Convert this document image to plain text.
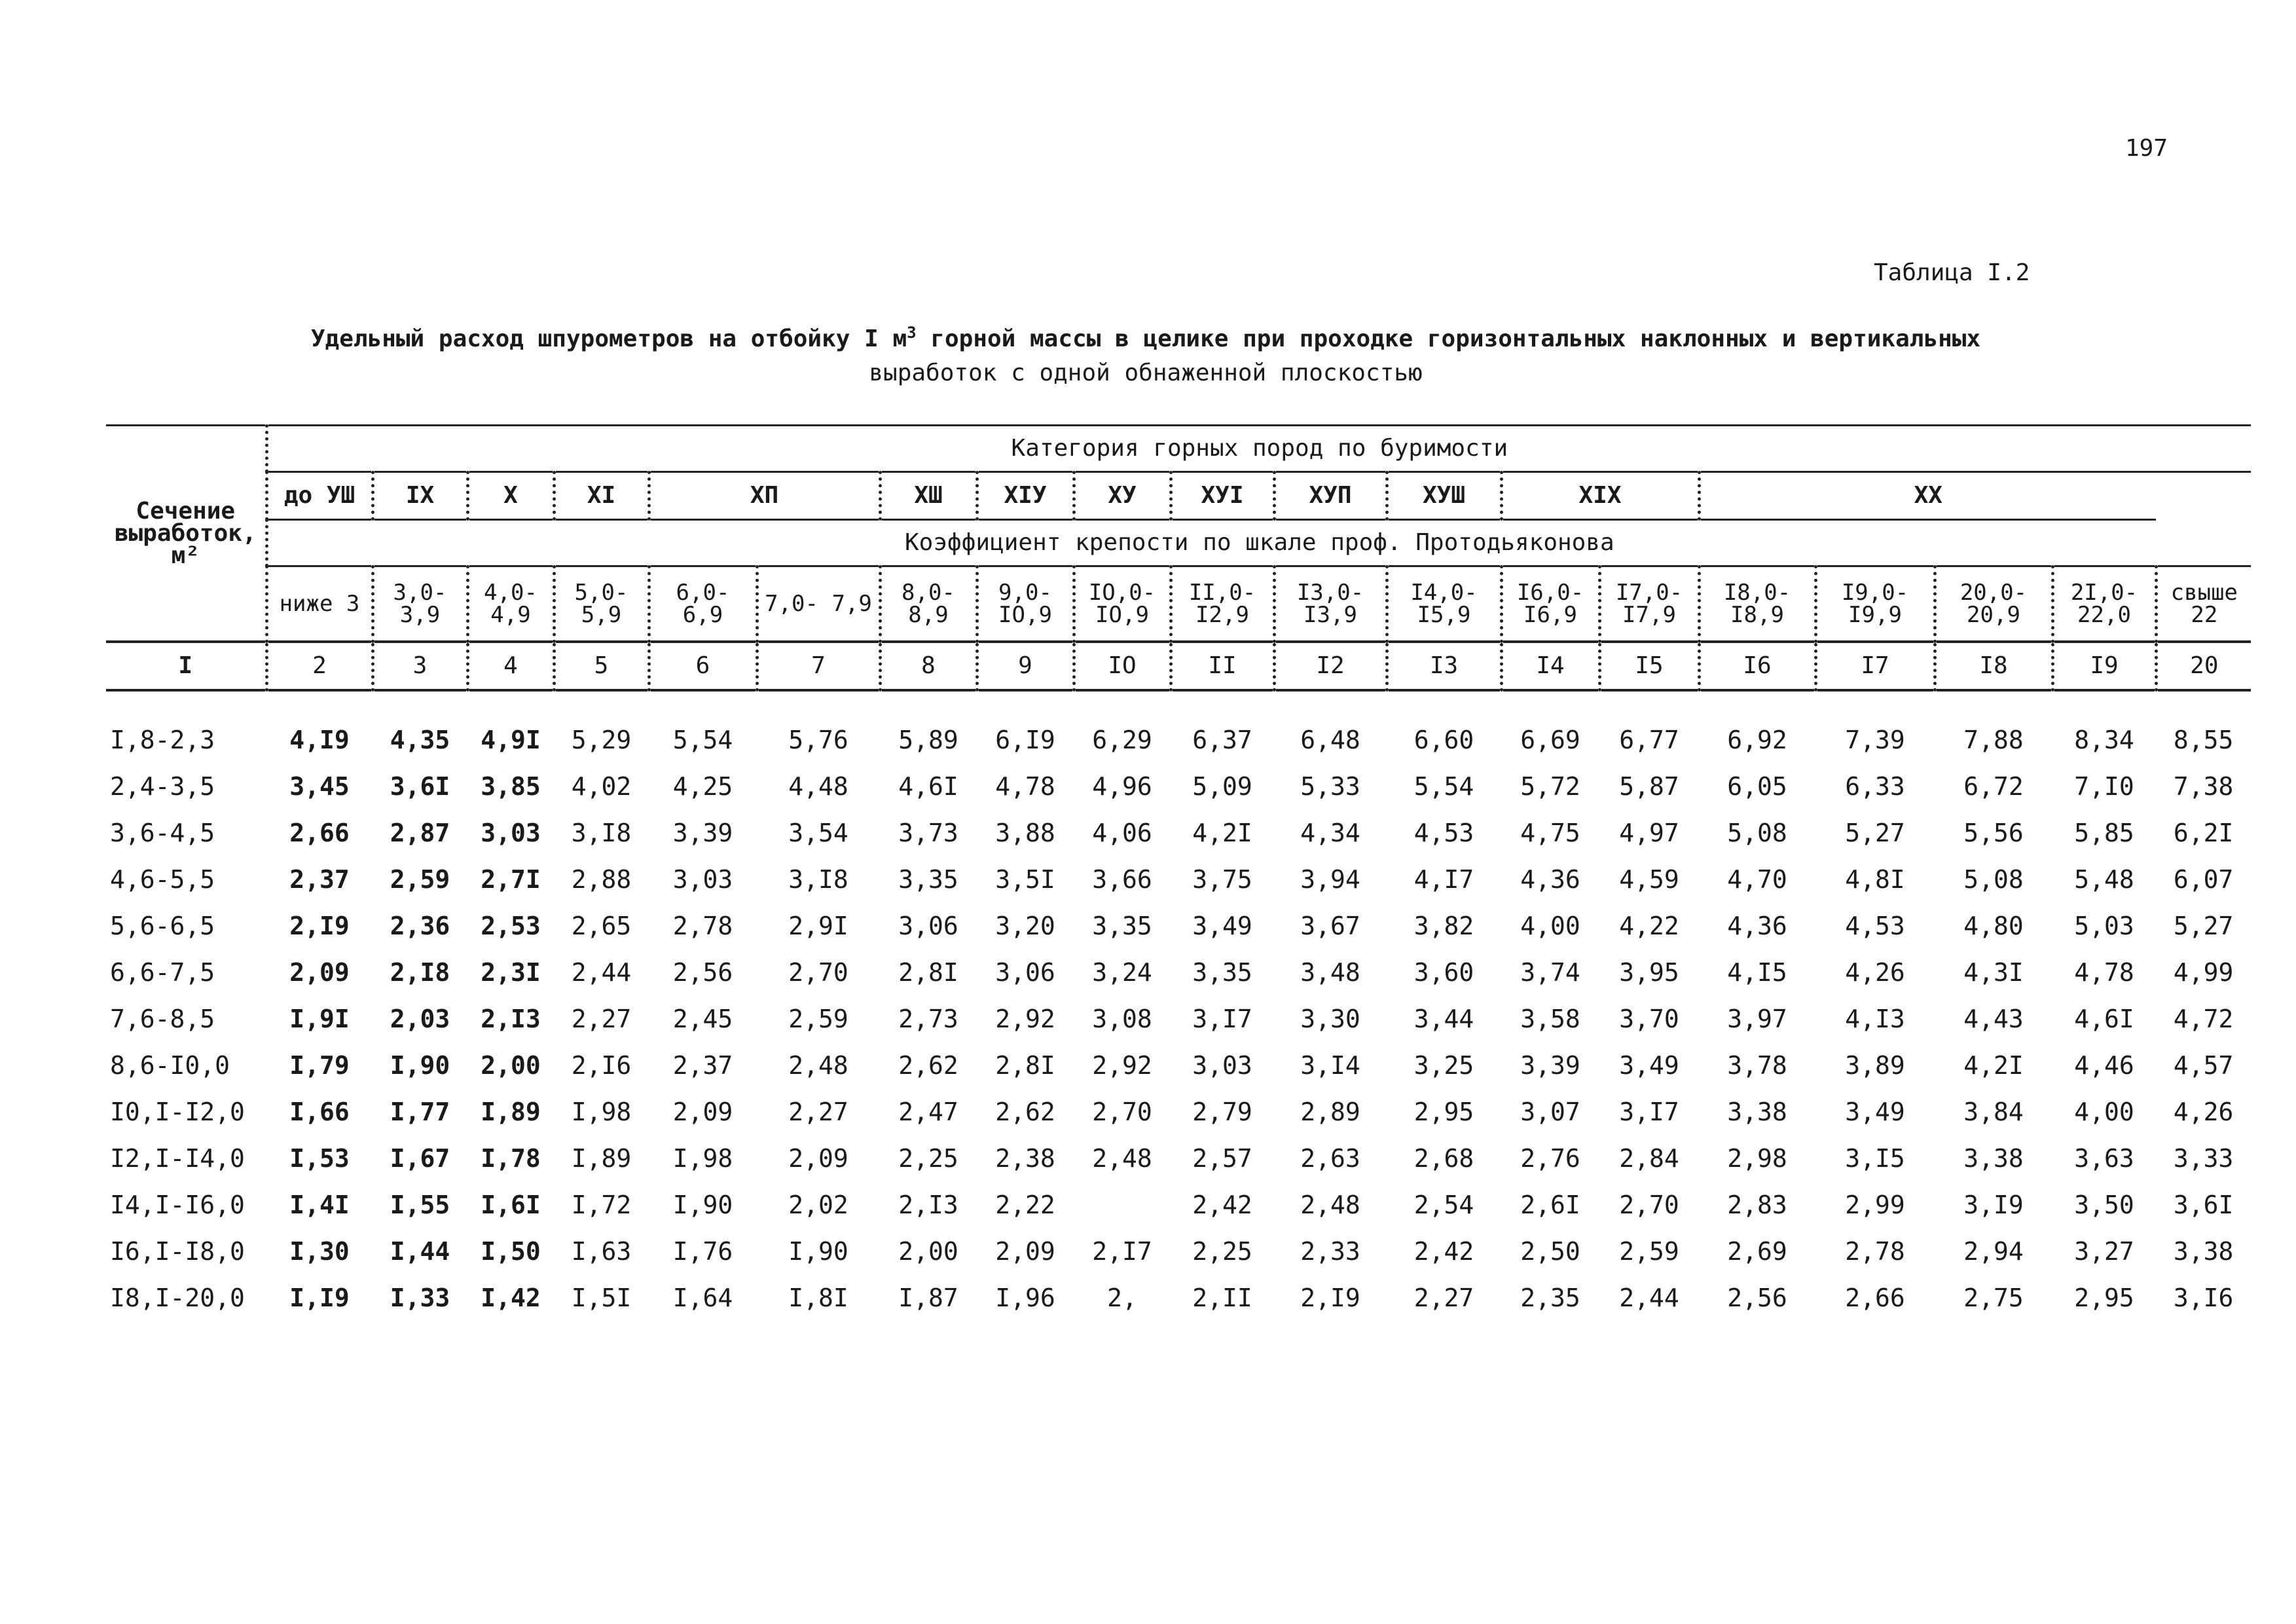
197
Таблица I.2
Удельный расход шпурометров на отбойку I $м^3$ горной массы в целике при проходке горизонтальных наклонных и вертикальных
выработок с одной обнаженной плоскостью
Сечение выработок, м²	Категория горных пород по буримости																		
	до УШ	IX	X	XI	XП		XШ	XIУ	XУ	XУI	XУП	XУШ	XIX		XX				
	Коэффициент крепости по шкале проф. Протодьяконова																		
	ниже 3	3,0- 3,9	4,0- 4,9	5,0- 5,9	6,0- 6,9	7,0- 7,9	8,0- 8,9	9,0- IO,9	IO,0- IO,9	II,0- I2,9	I3,0- I3,9	I4,0- I5,9	I6,0- I6,9	I7,0- I7,9	I8,0- I8,9	I9,0- I9,9	20,0- 20,9	2I,0- 22,0	свыше 22
I	2	3	4	5	6	7	8	9	IO	II	I2	I3	I4	I5	I6	I7	I8	I9	20
I,8-2,3	4,I9	4,35	4,9I	5,29	5,54	5,76	5,89	6,I9	6,29	6,37	6,48	6,60	6,69	6,77	6,92	7,39	7,88	8,34	8,55
2,4-3,5	3,45	3,6I	3,85	4,02	4,25	4,48	4,6I	4,78	4,96	5,09	5,33	5,54	5,72	5,87	6,05	6,33	6,72	7,I0	7,38
3,6-4,5	2,66	2,87	3,03	3,I8	3,39	3,54	3,73	3,88	4,06	4,2I	4,34	4,53	4,75	4,97	5,08	5,27	5,56	5,85	6,2I
4,6-5,5	2,37	2,59	2,7I	2,88	3,03	3,I8	3,35	3,5I	3,66	3,75	3,94	4,I7	4,36	4,59	4,70	4,8I	5,08	5,48	6,07
5,6-6,5	2,I9	2,36	2,53	2,65	2,78	2,9I	3,06	3,20	3,35	3,49	3,67	3,82	4,00	4,22	4,36	4,53	4,80	5,03	5,27
6,6-7,5	2,09	2,I8	2,3I	2,44	2,56	2,70	2,8I	3,06	3,24	3,35	3,48	3,60	3,74	3,95	4,I5	4,26	4,3I	4,78	4,99
7,6-8,5	I,9I	2,03	2,I3	2,27	2,45	2,59	2,73	2,92	3,08	3,I7	3,30	3,44	3,58	3,70	3,97	4,I3	4,43	4,6I	4,72
8,6-I0,0	I,79	I,90	2,00	2,I6	2,37	2,48	2,62	2,8I	2,92	3,03	3,I4	3,25	3,39	3,49	3,78	3,89	4,2I	4,46	4,57
I0,I-I2,0	I,66	I,77	I,89	I,98	2,09	2,27	2,47	2,62	2,70	2,79	2,89	2,95	3,07	3,I7	3,38	3,49	3,84	4,00	4,26
I2,I-I4,0	I,53	I,67	I,78	I,89	I,98	2,09	2,25	2,38	2,48	2,57	2,63	2,68	2,76	2,84	2,98	3,I5	3,38	3,63	3,33
I4,I-I6,0	I,4I	I,55	I,6I	I,72	I,90	2,02	2,I3	2,22		2,42	2,48	2,54	2,6I	2,70	2,83	2,99	3,I9	3,50	3,6I
I6,I-I8,0	I,30	I,44	I,50	I,63	I,76	I,90	2,00	2,09	2,I7	2,25	2,33	2,42	2,50	2,59	2,69	2,78	2,94	3,27	3,38
I8,I-20,0	I,I9	I,33	I,42	I,5I	I,64	I,8I	I,87	I,96	2,	2,II	2,I9	2,27	2,35	2,44	2,56	2,66	2,75	2,95	3,I6
